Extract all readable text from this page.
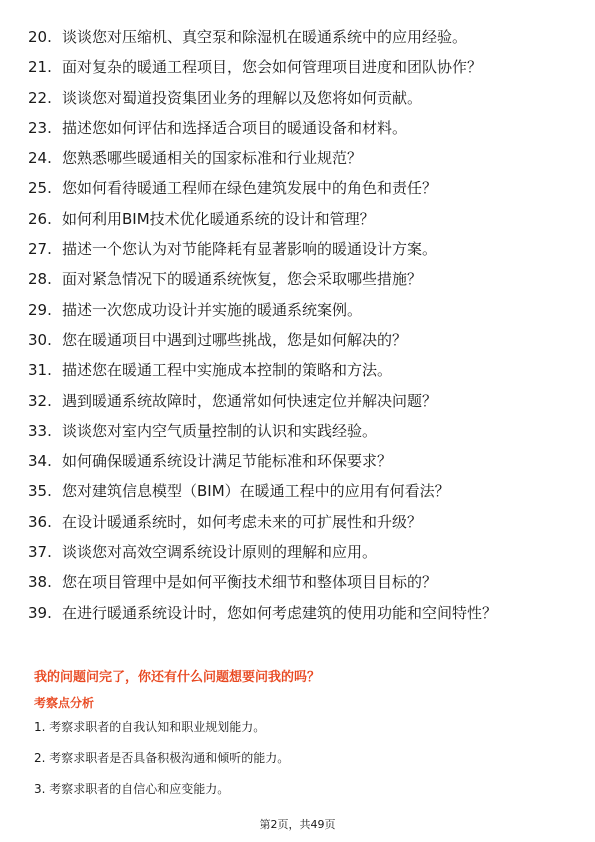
20. 谈谈您对压缩机、真空泵和除湿机在暖通系统中的应用经验。
21. 面对复杂的暖通工程项目，您会如何管理项目进度和团队协作？
22. 谈谈您对蜀道投资集团业务的理解以及您将如何贡献。
23. 描述您如何评估和选择适合项目的暖通设备和材料。
24. 您熟悉哪些暖通相关的国家标准和行业规范？
25. 您如何看待暖通工程师在绿色建筑发展中的角色和责任？
26. 如何利用BIM技术优化暖通系统的设计和管理？
27. 描述一个您认为对节能降耗有显著影响的暖通设计方案。
28. 面对紧急情况下的暖通系统恢复，您会采取哪些措施？
29. 描述一次您成功设计并实施的暖通系统案例。
30. 您在暖通项目中遇到过哪些挑战，您是如何解决的？
31. 描述您在暖通工程中实施成本控制的策略和方法。
32. 遇到暖通系统故障时，您通常如何快速定位并解决问题？
33. 谈谈您对室内空气质量控制的认识和实践经验。
34. 如何确保暖通系统设计满足节能标准和环保要求？
35. 您对建筑信息模型（BIM）在暖通工程中的应用有何看法？
36. 在设计暖通系统时，如何考虑未来的可扩展性和升级？
37. 谈谈您对高效空调系统设计原则的理解和应用。
38. 您在项目管理中是如何平衡技术细节和整体项目目标的？
39. 在进行暖通系统设计时，您如何考虑建筑的使用功能和空间特性？
我的问题问完了，你还有什么问题想要问我的吗？
考察点分析
1. 考察求职者的自我认知和职业规划能力。
2. 考察求职者是否具备积极沟通和倾听的能力。
3. 考察求职者的自信心和应变能力。
第2页，共49页
